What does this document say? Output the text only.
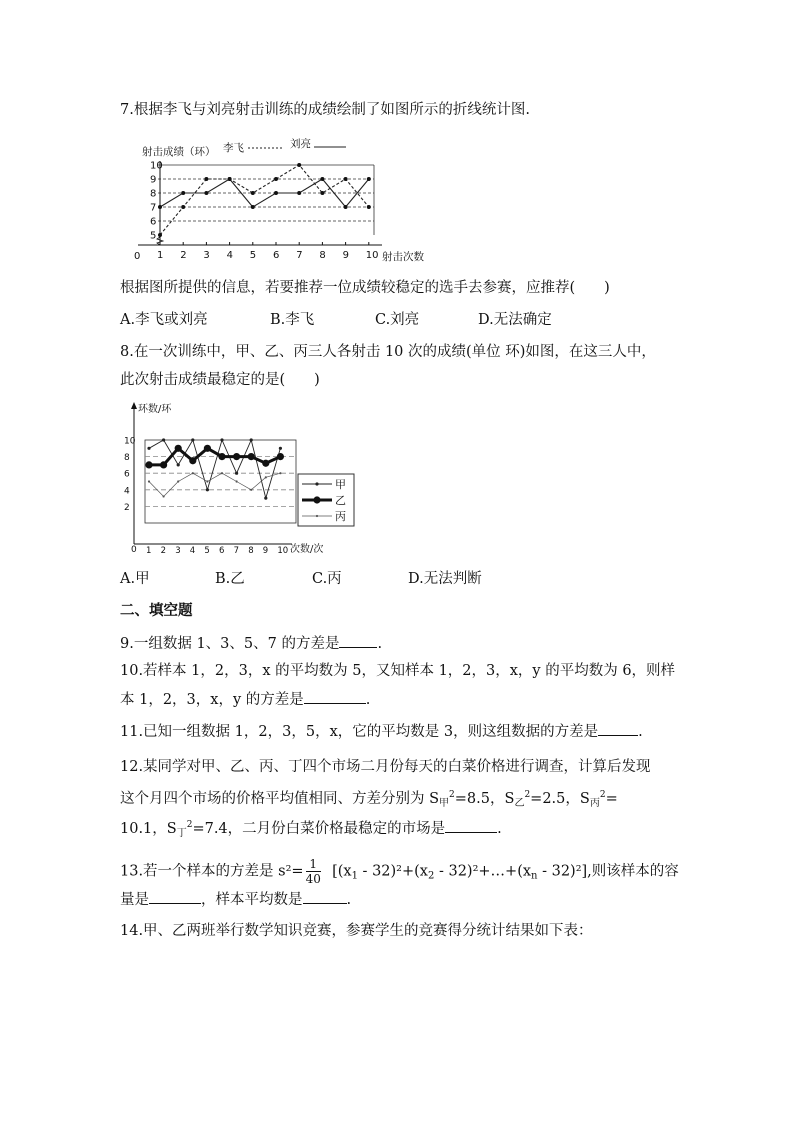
7.根据李飞与刘亮射击训练的成绩绘制了如图所示的折线统计图.
5
6
7
8
9
10
1 2 3 4 5 6 7 8 9 10
射击成绩（环） 李飞	刘亮
射击次数
0
根据图所提供的信息，若要推荐一位成绩较稳定的选手去参赛，应推荐(　　)
A.李飞或刘亮	B.李飞	C.刘亮	D.无法确定
8.在一次训练中，甲、乙、丙三人各射击 10 次的成绩(单位 环)如图，在这三人中，
此次射击成绩最稳定的是(　　)
2
4
6
8
10
1 2 3 4 5 6 7 8 9 10
环数/环
次数/次
0
甲
乙
丙
A.甲	B.乙	C.丙	D.无法判断
二、填空题
9.一组数据 1、3、5、7 的方差是	.
10.若样本 1，2，3，x 的平均数为 5，又知样本 1，2，3，x，y 的平均数为 6，则样
本 1，2，3，x，y 的方差是	.
11.已知一组数据 1，2，3，5，x，它的平均数是 3，则这组数据的方差是	.
12.某同学对甲、乙、丙、丁四个市场二月份每天的白菜价格进行调查，计算后发现
这个月四个市场的价格平均值相同、方差分别为 $S_甲^2=8.5$，$S_乙^2=2.5$，$S_丙^2=$
10.1，$S_丁^2=7.4$，二月份白菜价格最稳定的市场是	.
13.若一个样本的方差是 $s^2= \frac{1}{40} [(x_1 - 32)^2+(x_2$ - $32)^2+\dots+(x_n - 32)^2$],则该样本的容
量是	，样本平均数是	.
14.甲、乙两班举行数学知识竞赛，参赛学生的竞赛得分统计结果如下表：
